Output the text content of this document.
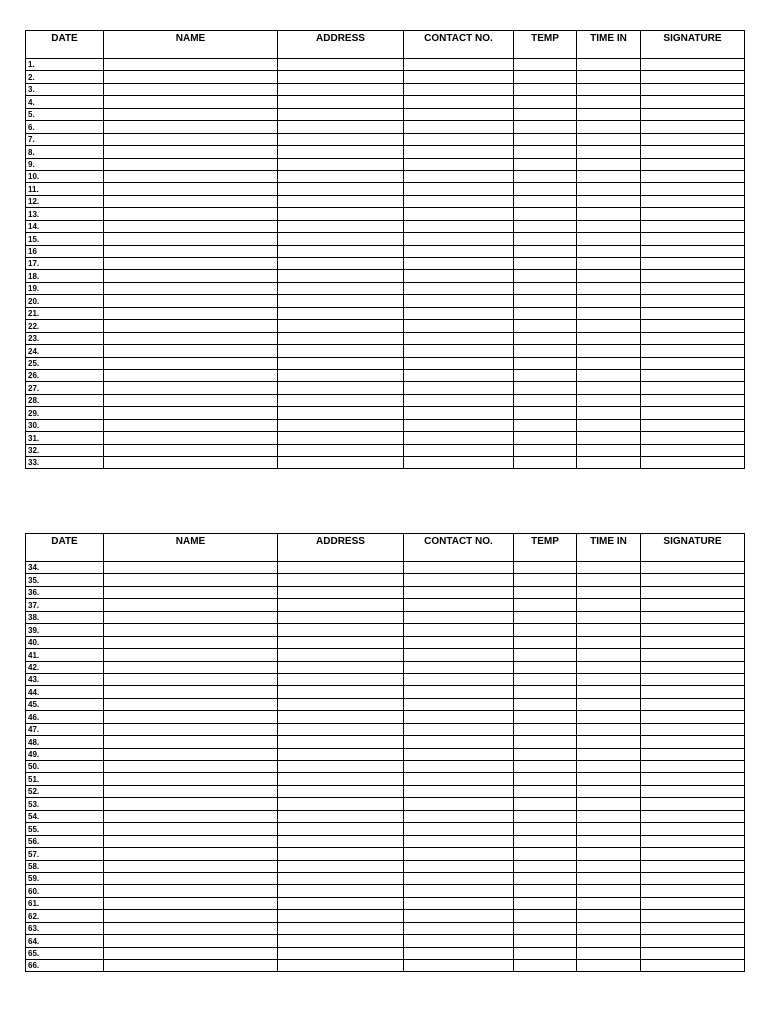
DATE	NAME	ADDRESS	CONTACT NO.	TEMP	TIME IN	SIGNATURE
1.						
2.						
3.						
4.						
5.						
6.						
7.						
8.						
9.						
10.						
11.						
12.						
13.						
14.						
15.						
16						
17.						
18.						
19.						
20.						
21.						
22.						
23.						
24.						
25.						
26.						
27.						
28.						
29.						
30.						
31.						
32.						
33.						
DATE	NAME	ADDRESS	CONTACT NO.	TEMP	TIME IN	SIGNATURE
34.						
35.						
36.						
37.						
38.						
39.						
40.						
41.						
42.						
43.						
44.						
45.						
46.						
47.						
48.						
49.						
50.						
51.						
52.						
53.						
54.						
55.						
56.						
57.						
58.						
59.						
60.						
61.						
62.						
63.						
64.						
65.						
66.						
